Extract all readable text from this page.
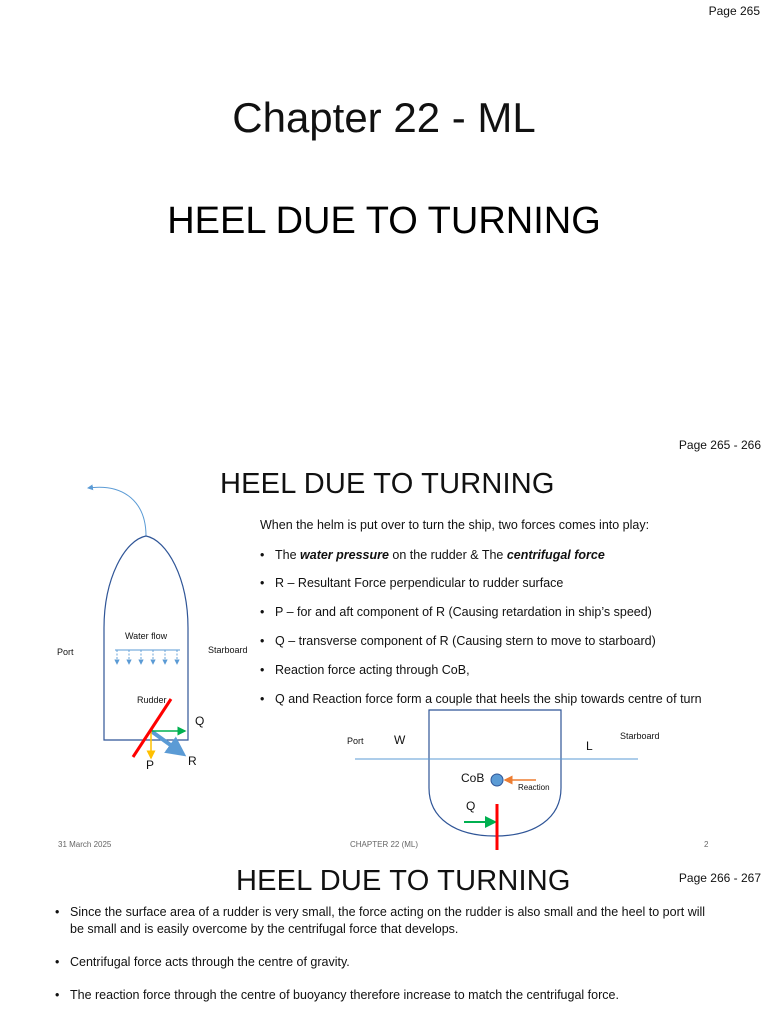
Page 265
Chapter 22 - ML
HEEL DUE TO TURNING
Page 265 - 266
HEEL DUE TO TURNING
When the helm is put over to turn the ship, two forces comes into play:
• The water pressure on the rudder & The centrifugal force
• R – Resultant Force perpendicular to rudder surface
• P – for and aft component of R (Causing retardation in ship’s speed)
• Q – transverse component of R (Causing stern to move to starboard)
• Reaction force acting through CoB,
• Q and Reaction force form a couple that heels the ship towards centre of turn
Port	Starboard
Water flow
Rudder
Q
P	R
Port	W	L
Starboard
CoB
Reaction
Q
31 March 2025	CHAPTER 22 (ML)	2
HEEL DUE TO TURNING	Page 266 - 267
• Since the surface area of a rudder is very small, the force acting on the rudder is also small and the heel to port will be small and is easily overcome by the centrifugal force that develops.
• Centrifugal force acts through the centre of gravity.
• The reaction force through the centre of buoyancy therefore increase to match the centrifugal force.
